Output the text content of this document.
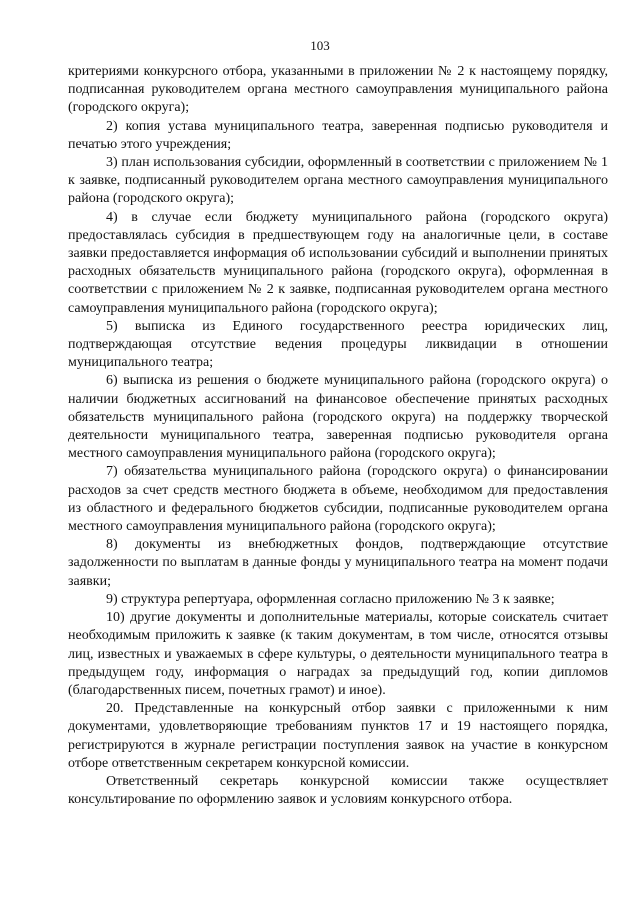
103

критериями конкурсного отбора, указанными в приложении № 2 к настоящему порядку, подписанная руководителем органа местного самоуправления муниципального района (городского округа);

2) копия устава муниципального театра, заверенная подписью руководителя и печатью этого учреждения;

3) план использования субсидии, оформленный в соответствии с приложением № 1 к заявке, подписанный руководителем органа местного самоуправления муниципального района (городского округа);

4) в случае если бюджету муниципального района (городского округа) предоставлялась субсидия в предшествующем году на аналогичные цели, в составе заявки предоставляется информация об использовании субсидий и выполнении принятых расходных обязательств муниципального района (городского округа), оформленная в соответствии с приложением № 2 к заявке, подписанная руководителем органа местного самоуправления муниципального района (городского округа);

5) выписка из Единого государственного реестра юридических лиц, подтверждающая отсутствие ведения процедуры ликвидации в отношении муниципального театра;

6) выписка из решения о бюджете муниципального района (городского округа) о наличии бюджетных ассигнований на финансовое обеспечение принятых расходных обязательств муниципального района (городского округа) на поддержку творческой деятельности муниципального театра, заверенная подписью руководителя органа местного самоуправления муниципального района (городского округа);

7) обязательства муниципального района (городского округа) о финансировании расходов за счет средств местного бюджета в объеме, необходимом для предоставления из областного и федерального бюджетов субсидии, подписанные руководителем органа местного самоуправления муниципального района (городского округа);

8) документы из внебюджетных фондов, подтверждающие отсутствие задолженности по выплатам в данные фонды у муниципального театра на момент подачи заявки;

9) структура репертуара, оформленная согласно приложению № 3 к заявке;

10) другие документы и дополнительные материалы, которые соискатель считает необходимым приложить к заявке (к таким документам, в том числе, относятся отзывы лиц, известных и уважаемых в сфере культуры, о деятельности муниципального театра в предыдущем году, информация о наградах за предыдущий год, копии дипломов (благодарственных писем, почетных грамот) и иное).

20. Представленные на конкурсный отбор заявки с приложенными к ним документами, удовлетворяющие требованиям пунктов 17 и 19 настоящего порядка, регистрируются в журнале регистрации поступления заявок на участие в конкурсном отборе ответственным секретарем конкурсной комиссии.

Ответственный секретарь конкурсной комиссии также осуществляет консультирование по оформлению заявок и условиям конкурсного отбора.
